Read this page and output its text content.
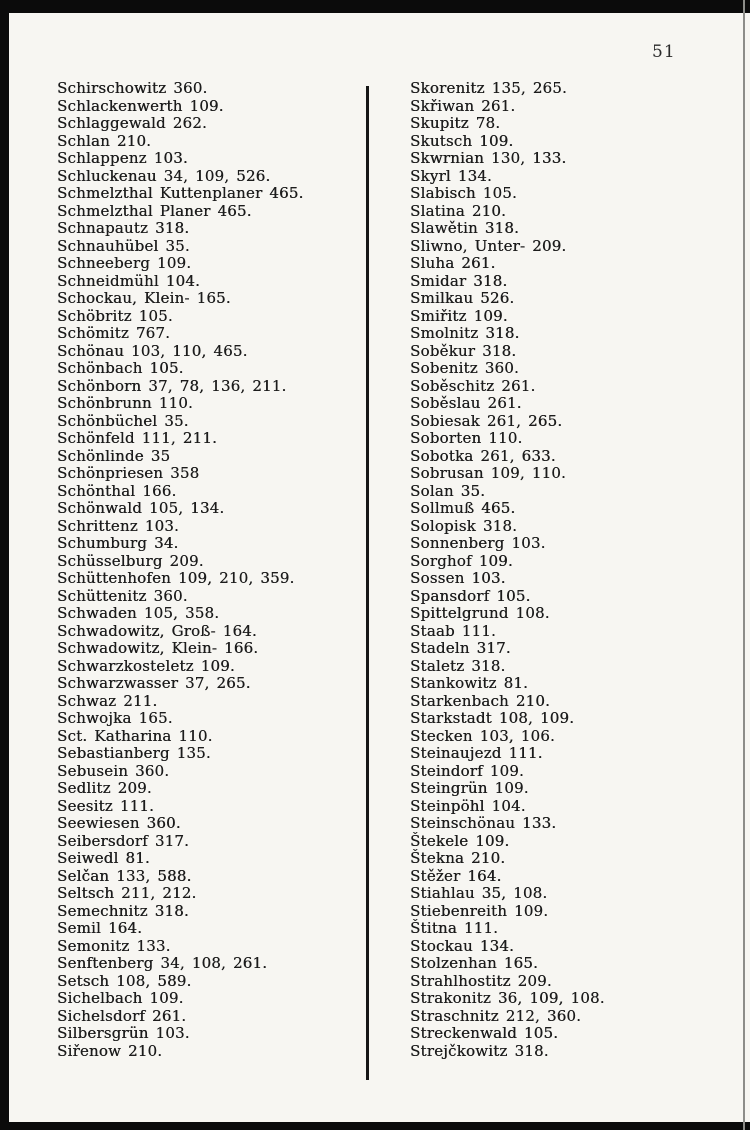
51
Schirschowitz 360.
Schlackenwerth 109.
Schlaggewald 262.
Schlan 210.
Schlappenz 103.
Schluckenau 34, 109, 526.
Schmelzthal Kuttenplaner 465.
Schmelzthal Planer 465.
Schnapautz 318.
Schnauhübel 35.
Schneeberg 109.
Schneidmühl 104.
Schockau, Klein- 165.
Schöbritz 105.
Schömitz 767.
Schönau 103, 110, 465.
Schönbach 105.
Schönborn 37, 78, 136, 211.
Schönbrunn 110.
Schönbüchel 35.
Schönfeld 111, 211.
Schönlinde 35
Schönpriesen 358
Schönthal 166.
Schönwald 105, 134.
Schrittenz 103.
Schumburg 34.
Schüsselburg 209.
Schüttenhofen 109, 210, 359.
Schüttenitz 360.
Schwaden 105, 358.
Schwadowitz, Groß- 164.
Schwadowitz, Klein- 166.
Schwarzkosteletz 109.
Schwarzwasser 37, 265.
Schwaz 211.
Schwojka 165.
Sct. Katharina 110.
Sebastianberg 135.
Sebusein 360.
Sedlitz 209.
Seesitz 111.
Seewiesen 360.
Seibersdorf 317.
Seiwedl 81.
Selčan 133, 588.
Seltsch 211, 212.
Semechnitz 318.
Semil 164.
Semonitz 133.
Senftenberg 34, 108, 261.
Setsch 108, 589.
Sichelbach 109.
Sichelsdorf 261.
Silbersgrün 103.
Siřenow 210.
Skorenitz 135, 265.
Skřiwan 261.
Skupitz 78.
Skutsch 109.
Skwrnian 130, 133.
Skyrl 134.
Slabisch 105.
Slatina 210.
Slawětin 318.
Sliwno, Unter- 209.
Sluha 261.
Smidar 318.
Smilkau 526.
Smiřitz 109.
Smolnitz 318.
Soběkur 318.
Sobenitz 360.
Soběschitz 261.
Soběslau 261.
Sobiesak 261, 265.
Soborten 110.
Sobotka 261, 633.
Sobrusan 109, 110.
Solan 35.
Sollmuß 465.
Solopisk 318.
Sonnenberg 103.
Sorghof 109.
Sossen 103.
Spansdorf 105.
Spittelgrund 108.
Staab 111.
Stadeln 317.
Staletz 318.
Stankowitz 81.
Starkenbach 210.
Starkstadt 108, 109.
Stecken 103, 106.
Steinaujezd 111.
Steindorf 109.
Steingrün 109.
Steinpöhl 104.
Steinschönau 133.
Štekele 109.
Štekna 210.
Stěžer 164.
Stiahlau 35, 108.
Stiebenreith 109.
Štitna 111.
Stockau 134.
Stolzenhan 165.
Strahlhostitz 209.
Strakonitz 36, 109, 108.
Straschnitz 212, 360.
Streckenwald 105.
Strejčkowitz 318.
